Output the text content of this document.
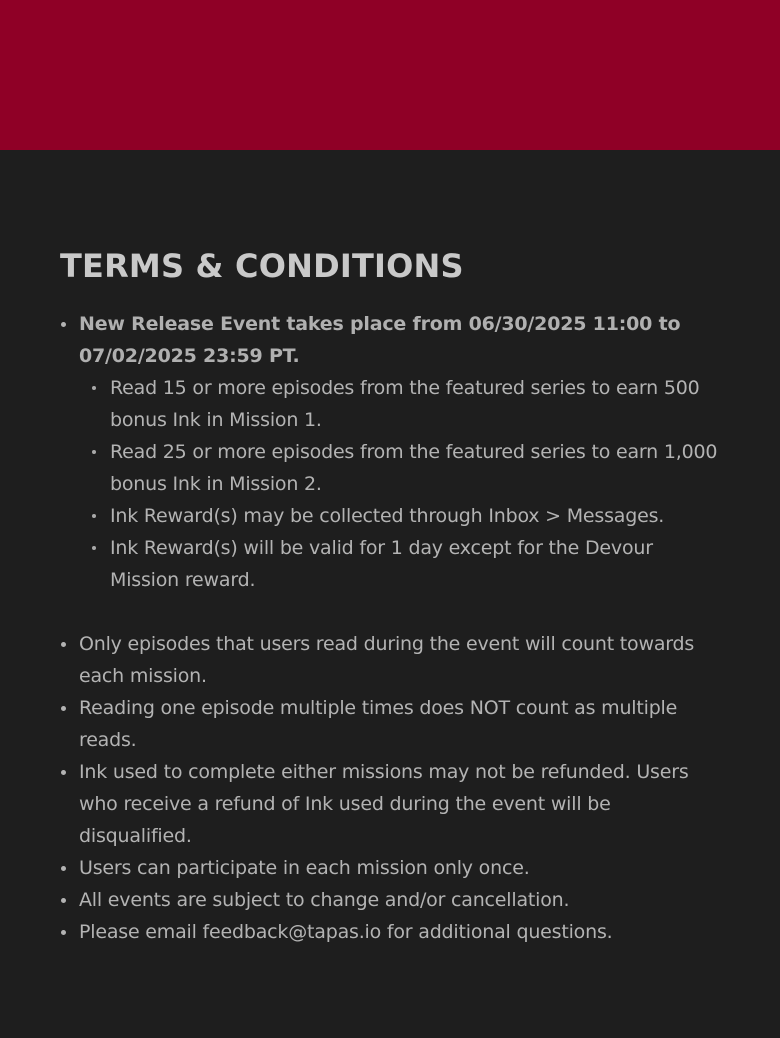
TERMS & CONDITIONS
New Release Event takes place from 06/30/2025 11:00 to 07/02/2025 23:59 PT.
Read 15 or more episodes from the featured series to earn 500 bonus Ink in Mission 1.
Read 25 or more episodes from the featured series to earn 1,000 bonus Ink in Mission 2.
Ink Reward(s) may be collected through Inbox > Messages.
Ink Reward(s) will be valid for 1 day except for the Devour Mission reward.
Only episodes that users read during the event will count towards each mission.
Reading one episode multiple times does NOT count as multiple reads.
Ink used to complete either missions may not be refunded. Users who receive a refund of Ink used during the event will be disqualified.
Users can participate in each mission only once.
All events are subject to change and/or cancellation.
Please email feedback@tapas.io for additional questions.
